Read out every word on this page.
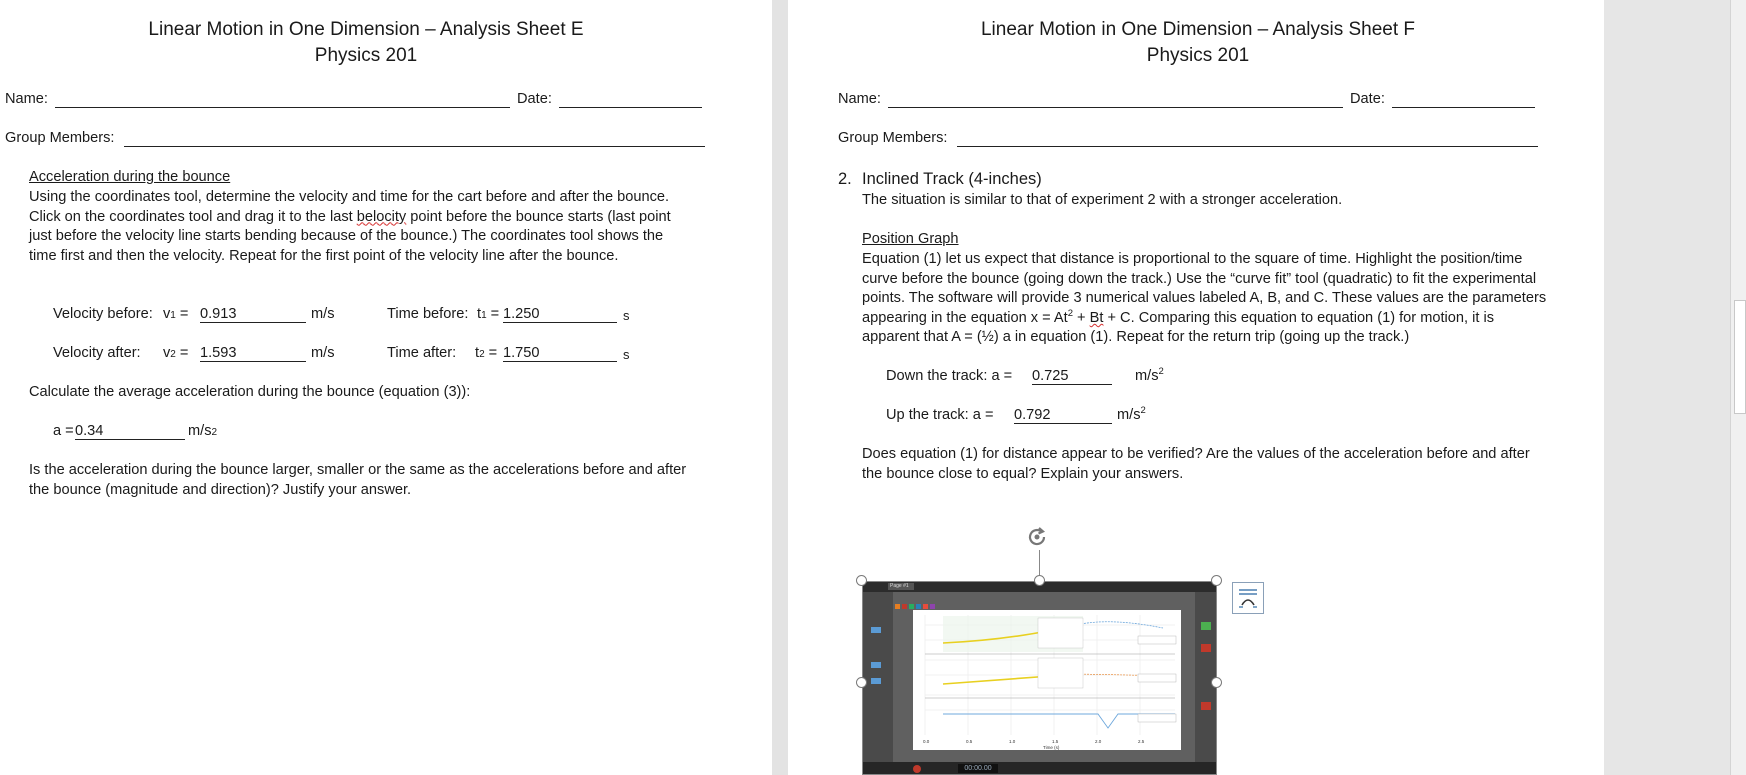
Linear Motion in One Dimension – Analysis Sheet E
Physics 201
Name:	Date:
Group Members:
Acceleration during the bounce
Using the coordinates tool, determine the velocity and time for the cart before and after the bounce. Click on the coordinates tool and drag it to the last belocity point before the bounce starts (last point just before the velocity line starts bending because of the bounce.) The coordinates tool shows the time first and then the velocity. Repeat for the first point of the velocity line after the bounce.
Velocity before: v1 = 0.913	m/s	Time before: t1 = 1.250	s
Velocity after: v2 = 1.593	m/s	Time after: t2 = 1.750	s
Calculate the average acceleration during the bounce (equation (3)):
a = 0.34	m/s2
Is the acceleration during the bounce larger, smaller or the same as the accelerations before and after the bounce (magnitude and direction)? Justify your answer.
Linear Motion in One Dimension – Analysis Sheet F
Physics 201
Name:	Date:
Group Members:
2. Inclined Track (4-inches)
The situation is similar to that of experiment 2 with a stronger acceleration.
Position Graph
Equation (1) let us expect that distance is proportional to the square of time. Highlight the position/time curve before the bounce (going down the track.) Use the “curve fit” tool (quadratic) to fit the experimental points. The software will provide 3 numerical values labeled A, B, and C. These values are the parameters appearing in the equation $x = At^2 + Bt + C$. Comparing this equation to equation (1) for motion, it is apparent that A = (½) a in equation (1). Repeat for the return trip (going up the track.)
Down the track: a = 0.725	$m/s^2$
Up the track: a = 0.792	$m/s^2$
Does equation (1) for distance appear to be verified? Are the values of the acceleration before and after the bounce close to equal? Explain your answers.
Page #1
0.0	0.5	1.0	1.5	2.0	2.5
Time (s)
00:00.00
